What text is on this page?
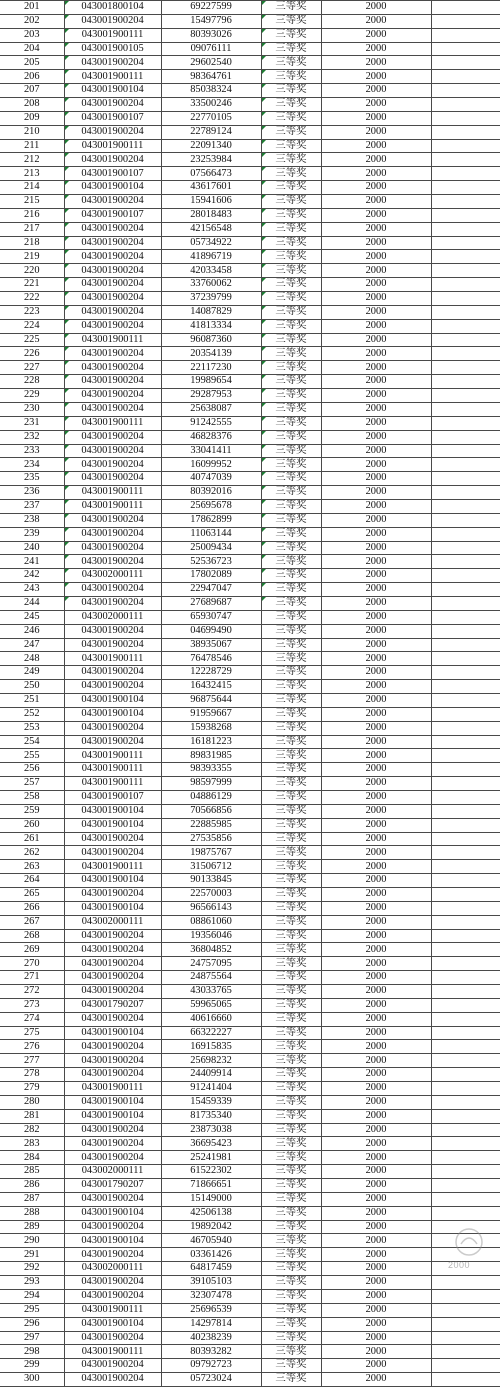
201	043001800104	69227599	三等奖	2000	
202	043001900204	15497796	三等奖	2000	
203	043001900111	80393026	三等奖	2000	
204	043001900105	09076111	三等奖	2000	
205	043001900204	29602540	三等奖	2000	
206	043001900111	98364761	三等奖	2000	
207	043001900104	85038324	三等奖	2000	
208	043001900204	33500246	三等奖	2000	
209	043001900107	22770105	三等奖	2000	
210	043001900204	22789124	三等奖	2000	
211	043001900111	22091340	三等奖	2000	
212	043001900204	23253984	三等奖	2000	
213	043001900107	07566473	三等奖	2000	
214	043001900104	43617601	三等奖	2000	
215	043001900204	15941606	三等奖	2000	
216	043001900107	28018483	三等奖	2000	
217	043001900204	42156548	三等奖	2000	
218	043001900204	05734922	三等奖	2000	
219	043001900204	41896719	三等奖	2000	
220	043001900204	42033458	三等奖	2000	
221	043001900204	33760062	三等奖	2000	
222	043001900204	37239799	三等奖	2000	
223	043001900204	14087829	三等奖	2000	
224	043001900204	41813334	三等奖	2000	
225	043001900111	96087360	三等奖	2000	
226	043001900204	20354139	三等奖	2000	
227	043001900204	22117230	三等奖	2000	
228	043001900204	19989654	三等奖	2000	
229	043001900204	29287953	三等奖	2000	
230	043001900204	25638087	三等奖	2000	
231	043001900111	91242555	三等奖	2000	
232	043001900204	46828376	三等奖	2000	
233	043001900204	33041411	三等奖	2000	
234	043001900204	16099952	三等奖	2000	
235	043001900204	40747039	三等奖	2000	
236	043001900111	80392016	三等奖	2000	
237	043001900111	25695678	三等奖	2000	
238	043001900204	17862899	三等奖	2000	
239	043001900204	11063144	三等奖	2000	
240	043001900204	25009434	三等奖	2000	
241	043001900204	52536723	三等奖	2000	
242	043002000111	17802089	三等奖	2000	
243	043001900204	22947047	三等奖	2000	
244	043001900204	27689687	三等奖	2000	
245	043002000111	65930747	三等奖	2000	
246	043001900204	04699490	三等奖	2000	
247	043001900204	38935067	三等奖	2000	
248	043001900111	76478546	三等奖	2000	
249	043001900204	12228729	三等奖	2000	
250	043001900204	16432415	三等奖	2000	
251	043001900104	96875644	三等奖	2000	
252	043001900104	91959667	三等奖	2000	
253	043001900204	15938268	三等奖	2000	
254	043001900204	16181223	三等奖	2000	
255	043001900111	89831985	三等奖	2000	
256	043001900111	98393355	三等奖	2000	
257	043001900111	98597999	三等奖	2000	
258	043001900107	04886129	三等奖	2000	
259	043001900104	70566856	三等奖	2000	
260	043001900104	22885985	三等奖	2000	
261	043001900204	27535856	三等奖	2000	
262	043001900204	19875767	三等奖	2000	
263	043001900111	31506712	三等奖	2000	
264	043001900104	90133845	三等奖	2000	
265	043001900204	22570003	三等奖	2000	
266	043001900104	96566143	三等奖	2000	
267	043002000111	08861060	三等奖	2000	
268	043001900204	19356046	三等奖	2000	
269	043001900204	36804852	三等奖	2000	
270	043001900204	24757095	三等奖	2000	
271	043001900204	24875564	三等奖	2000	
272	043001900204	43033765	三等奖	2000	
273	043001790207	59965065	三等奖	2000	
274	043001900204	40616660	三等奖	2000	
275	043001900104	66322227	三等奖	2000	
276	043001900204	16915835	三等奖	2000	
277	043001900204	25698232	三等奖	2000	
278	043001900204	24409914	三等奖	2000	
279	043001900111	91241404	三等奖	2000	
280	043001900104	15459339	三等奖	2000	
281	043001900104	81735340	三等奖	2000	
282	043001900204	23873038	三等奖	2000	
283	043001900204	36695423	三等奖	2000	
284	043001900204	25241981	三等奖	2000	
285	043002000111	61522302	三等奖	2000	
286	043001790207	71866651	三等奖	2000	
287	043001900204	15149000	三等奖	2000	
288	043001900104	42506138	三等奖	2000	
289	043001900204	19892042	三等奖	2000	
290	043001900104	46705940	三等奖	2000	
291	043001900204	03361426	三等奖	2000	
292	043002000111	64817459	三等奖	2000	
293	043001900204	39105103	三等奖	2000	
294	043001900204	32307478	三等奖	2000	
295	043001900111	25696539	三等奖	2000	
296	043001900104	14297814	三等奖	2000	
297	043001900204	40238239	三等奖	2000	
298	043001900111	80393282	三等奖	2000	
299	043001900204	09792723	三等奖	2000	
300	043001900204	05723024	三等奖	2000	
2000
